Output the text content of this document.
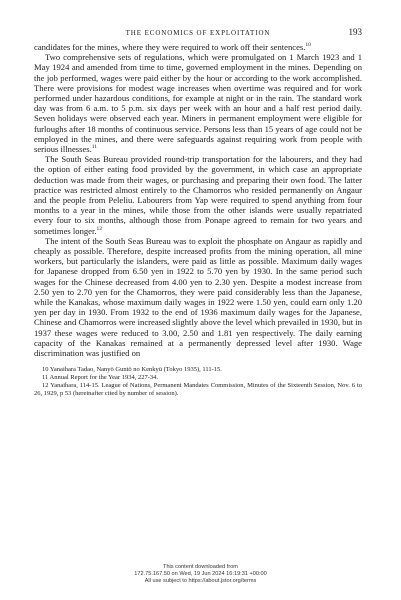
THE ECONOMICS OF EXPLOITATION	193

candidates for the mines, where they were required to work off their sentences.$^{10}$

Two comprehensive sets of regulations, which were promulgated on 1 March 1923 and 1 May 1924 and amended from time to time, governed employment in the mines. Depending on the job performed, wages were paid either by the hour or according to the work accomplished. There were provisions for modest wage increases when overtime was required and for work performed under hazardous conditions, for example at night or in the rain. The standard work day was from 6 a.m. to 5 p.m. six days per week with an hour and a half rest period daily. Seven holidays were observed each year. Miners in permanent employment were eligible for furloughs after 18 months of continuous service. Persons less than 15 years of age could not be employed in the mines, and there were safeguards against requiring work from people with serious illnesses.$^{11}$

The South Seas Bureau provided round-trip transportation for the labourers, and they had the option of either eating food provided by the government, in which case an appropriate deduction was made from their wages, or purchasing and preparing their own food. The latter practice was restricted almost entirely to the Chamorros who resided permanently on Angaur and the people from Peleliu. Labourers from Yap were required to spend anything from four months to a year in the mines, while those from the other islands were usually repatriated every four to six months, although those from Ponape agreed to remain for two years and sometimes longer.$^{12}$

The intent of the South Seas Bureau was to exploit the phosphate on Angaur as rapidly and cheaply as possible. Therefore, despite increased profits from the mining operation, all mine workers, but particularly the islanders, were paid as little as possible. Maximum daily wages for Japanese dropped from 6.50 yen in 1922 to 5.70 yen by 1930. In the same period such wages for the Chinese decreased from 4.00 yen to 2.30 yen. Despite a modest increase from 2.50 yen to 2.70 yen for the Chamorros, they were paid considerably less than the Japanese, while the Kanakas, whose maximum daily wages in 1922 were 1.50 yen, could earn only 1.20 yen per day in 1930. From 1932 to the end of 1936 maximum daily wages for the Japanese, Chinese and Chamorros were increased slightly above the level which prevailed in 1930, but in 1937 these wages were reduced to 3.00, 2.50 and 1.81 yen respectively. The daily earning capacity of the Kanakas remained at a permanently depressed level after 1930. Wage discrimination was justified on

10 Yanaihara Tadao, Nanyō Guntō no Kenkyū (Tokyo 1935), 111-15.
11 Annual Report for the Year 1934, 227-34.
12 Yanaihara, 114-15. League of Nations, Permanent Mandates Commission, Minutes of the Sixteenth Session, Nov. 6 to 26, 1929, p 53 (hereinafter cited by number of session).
This content downloaded from
172.75.167.50 on Wed, 19 Jun 2024 16:19:31 +00:00
All use subject to https://about.jstor.org/terms
